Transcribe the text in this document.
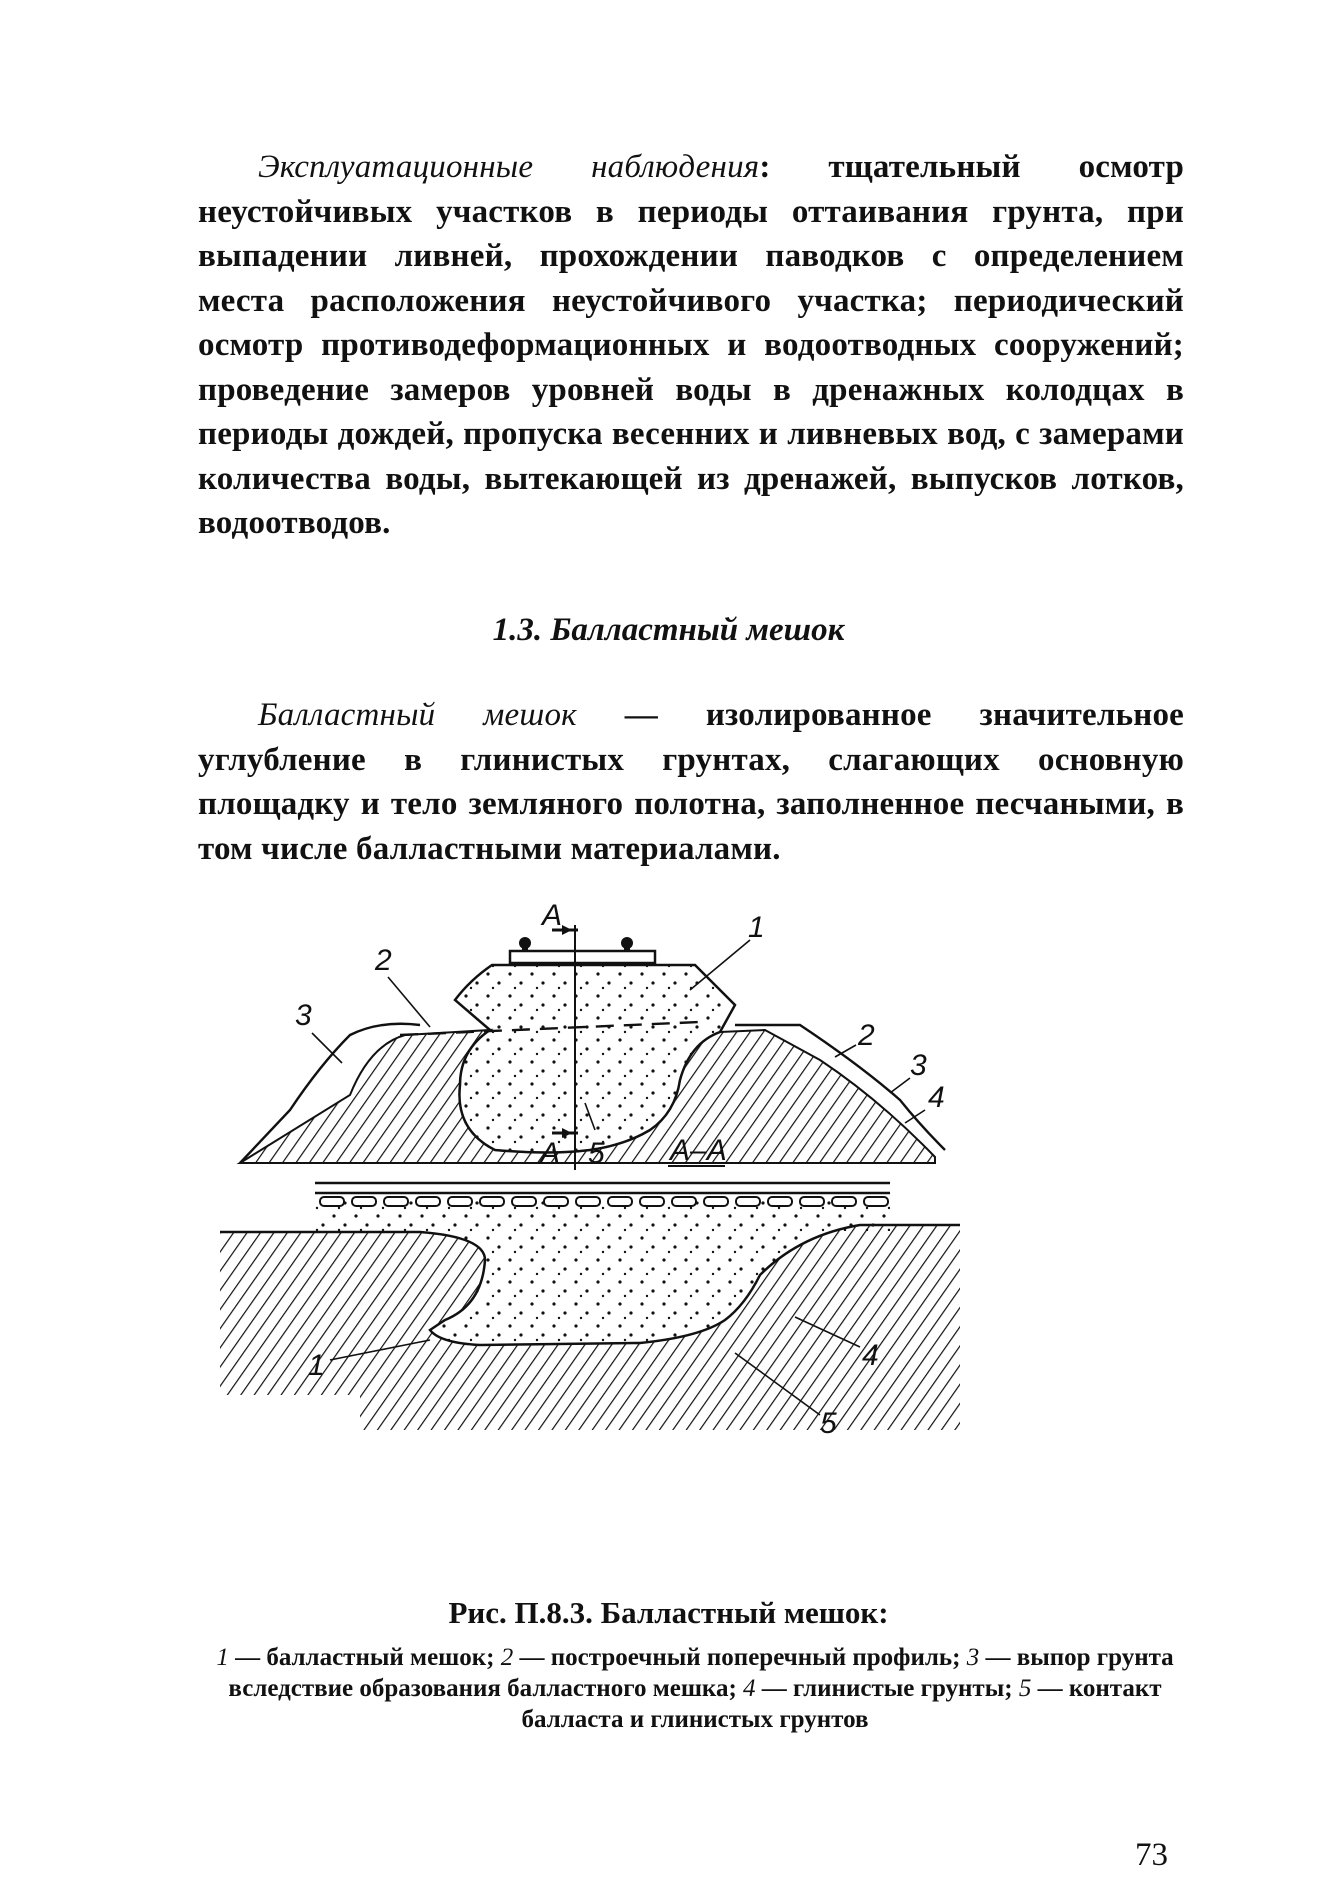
Эксплуатационные наблюдения: тщательный осмотр неустойчивых участков в периоды оттаивания грунта, при выпадении ливней, прохождении паводков с определением места расположения неустойчивого участка; периодический осмотр противодеформационных и водоотводных сооружений; проведение замеров уровней воды в дренажных колодцах в периоды дождей, пропуска весенних и ливневых вод, с замерами количества воды, вытекающей из дренажей, выпусков лотков, водоотводов.
1.3. Балластный мешок
Балластный мешок — изолированное значительное углубление в глинистых грунтах, слагающих основную площадку и тело земляного полотна, заполненное песчаными, в том числе балластными материалами.
А
А
1
2
3
2
3
4
5 А–А
1	4
5
Рис. П.8.3. Балластный мешок:
1 — балластный мешок; 2 — построечный поперечный профиль; 3 — выпор грунта вследствие образования балластного мешка; 4 — глинистые грунты; 5 — контакт балласта и глинистых грунтов
73
